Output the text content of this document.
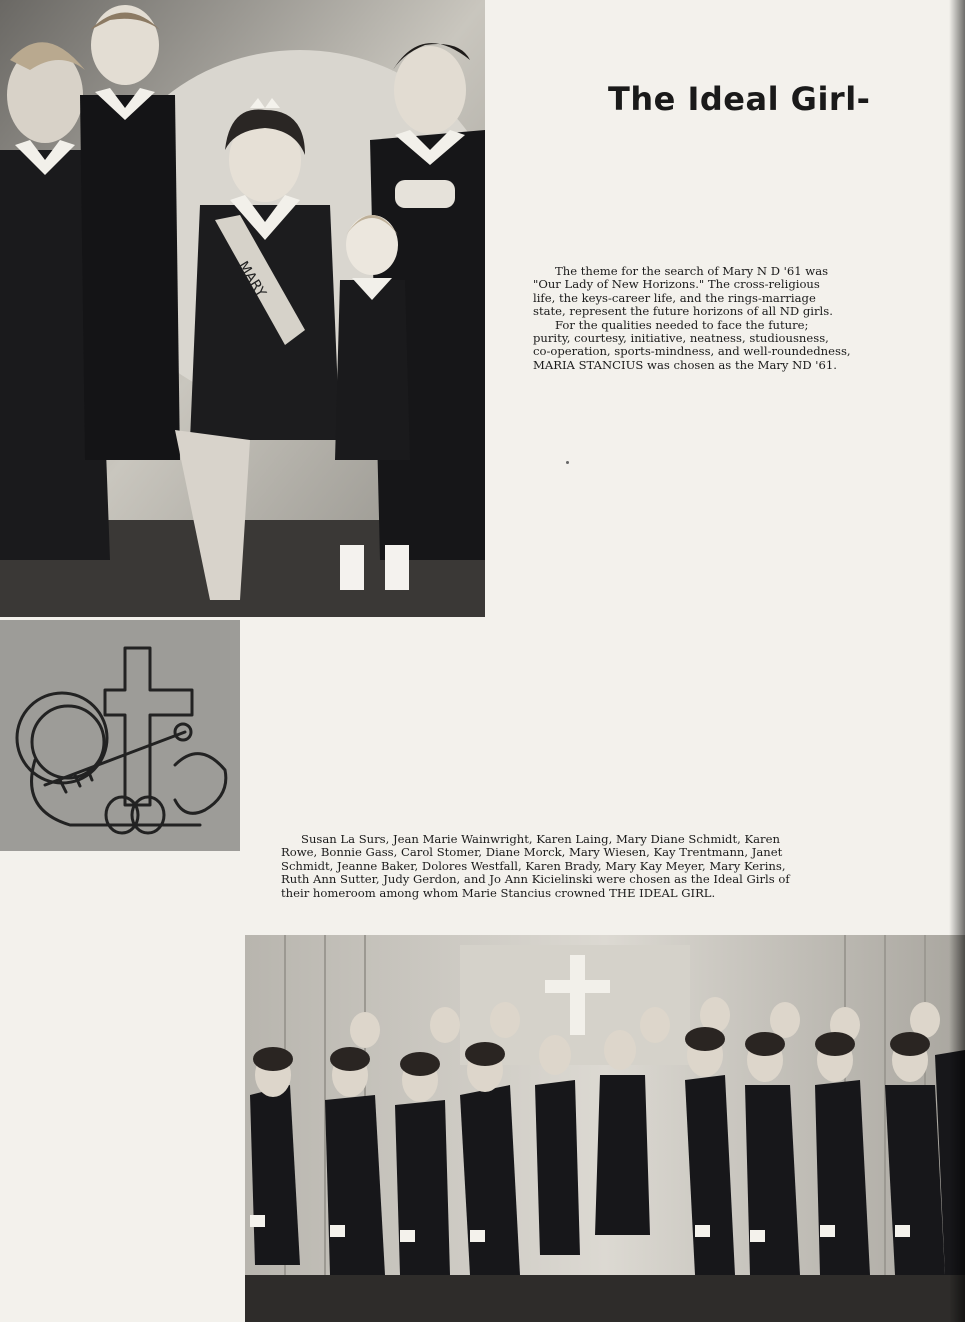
MARY
The Ideal Girl-
The theme for the search of Mary N D '61 was
"Our Lady of New Horizons." The cross-religious
life, the keys-career life, and the rings-marriage
state, represent the future horizons of all ND girls.
For the qualities needed to face the future;
purity, courtesy, initiative, neatness, studiousness,
co-operation, sports-mindness, and well-roundedness,
MARIA STANCIUS was chosen as the Mary ND '61.
Susan La Surs, Jean Marie Wainwright, Karen Laing, Mary Diane Schmidt, Karen
Rowe, Bonnie Gass, Carol Stomer, Diane Morck, Mary Wiesen, Kay Trentmann, Janet
Schmidt, Jeanne Baker, Dolores Westfall, Karen Brady, Mary Kay Meyer, Mary Kerins,
Ruth Ann Sutter, Judy Gerdon, and Jo Ann Kicielinski were chosen as the Ideal Girls of
their homeroom among whom Marie Stancius crowned THE IDEAL GIRL.
